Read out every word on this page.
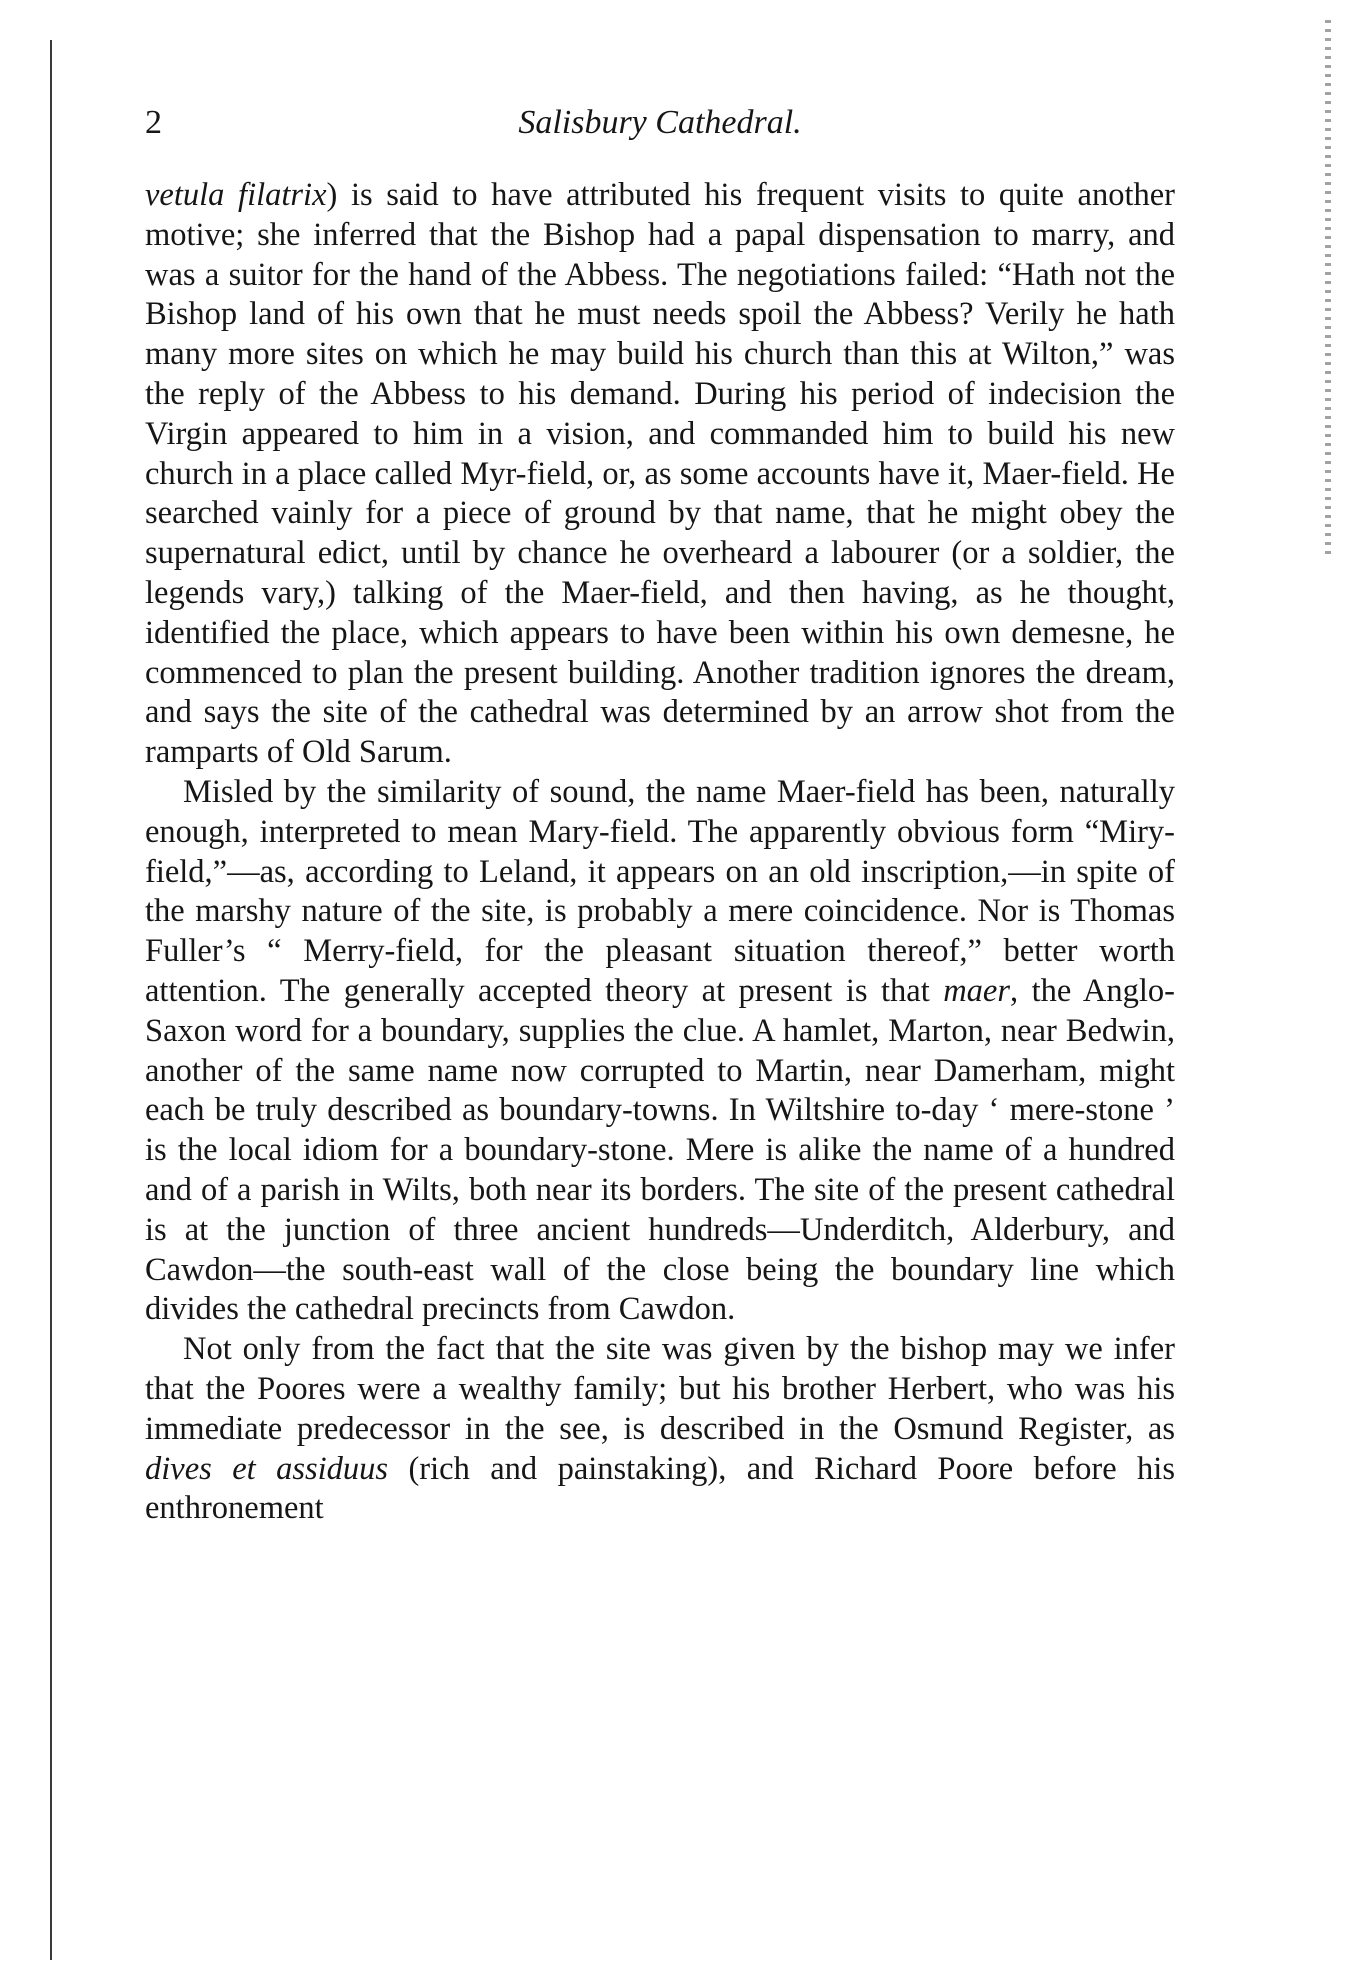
2	Salisbury Cathedral.

vetula filatrix) is said to have attributed his frequent visits to quite another motive; she inferred that the Bishop had a papal dispensation to marry, and was a suitor for the hand of the Abbess. The negotiations failed: “Hath not the Bishop land of his own that he must needs spoil the Abbess? Verily he hath many more sites on which he may build his church than this at Wilton,” was the reply of the Abbess to his demand. During his period of indecision the Virgin appeared to him in a vision, and commanded him to build his new church in a place called Myr-field, or, as some accounts have it, Maer-field. He searched vainly for a piece of ground by that name, that he might obey the supernatural edict, until by chance he overheard a labourer (or a soldier, the legends vary,) talking of the Maer-field, and then having, as he thought, identified the place, which appears to have been within his own demesne, he commenced to plan the present building. Another tradition ignores the dream, and says the site of the cathedral was determined by an arrow shot from the ramparts of Old Sarum.

Misled by the similarity of sound, the name Maer-field has been, naturally enough, interpreted to mean Mary-field. The apparently obvious form “Miry-field,”—as, according to Leland, it appears on an old inscription,—in spite of the marshy nature of the site, is probably a mere coincidence. Nor is Thomas Fuller’s “ Merry-field, for the pleasant situation thereof,” better worth attention. The generally accepted theory at present is that maer, the Anglo-Saxon word for a boundary, supplies the clue. A hamlet, Marton, near Bedwin, another of the same name now corrupted to Martin, near Damerham, might each be truly described as boundary-towns. In Wiltshire to-day ‘ mere-stone ’ is the local idiom for a boundary-stone. Mere is alike the name of a hundred and of a parish in Wilts, both near its borders. The site of the present cathedral is at the junction of three ancient hundreds—Underditch, Alderbury, and Cawdon—the south-east wall of the close being the boundary line which divides the cathedral precincts from Cawdon.

Not only from the fact that the site was given by the bishop may we infer that the Poores were a wealthy family; but his brother Herbert, who was his immediate predecessor in the see, is described in the Osmund Register, as dives et assiduus (rich and painstaking), and Richard Poore before his enthronement
